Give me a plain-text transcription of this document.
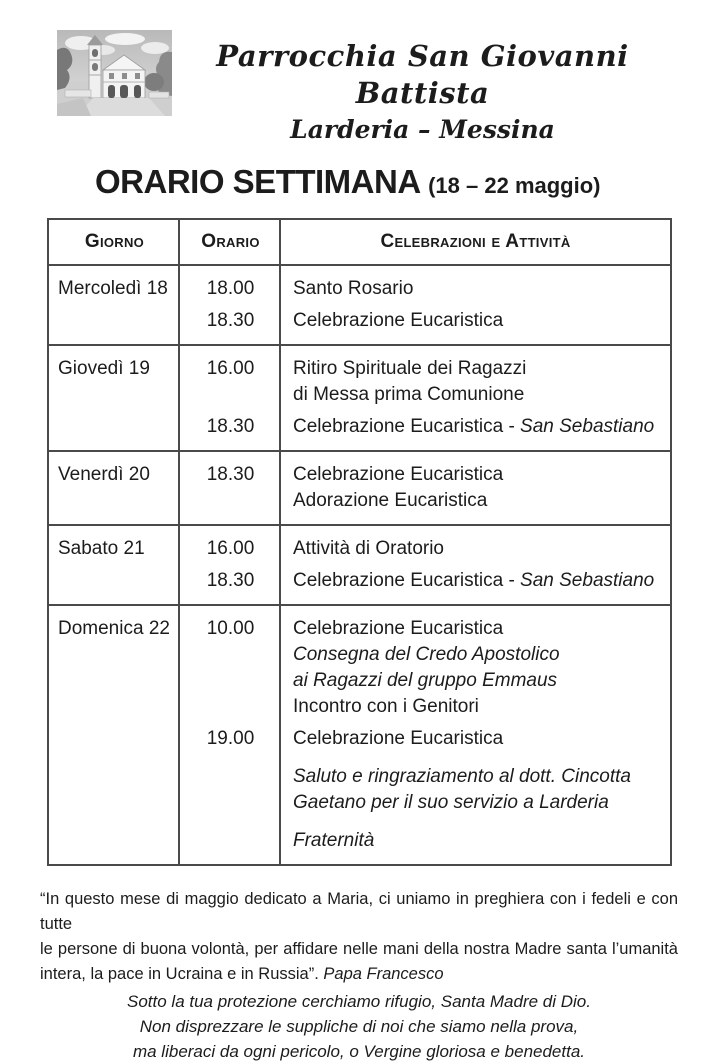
Parrocchia San Giovanni Battista
Larderia – Messina
ORARIO SETTIMANA (18 – 22 maggio)
Giorno	Orario	Celebrazioni e Attività
Mercoledì 18	18.00	Santo Rosario
18.30	Celebrazione Eucaristica
Giovedì 19	16.00	Ritiro Spirituale dei Ragazzi
di Messa prima Comunione
18.30	Celebrazione Eucaristica - San Sebastiano
Venerdì 20	18.30	Celebrazione Eucaristica
Adorazione Eucaristica
Sabato 21	16.00	Attività di Oratorio
18.30	Celebrazione Eucaristica - San Sebastiano
Domenica 22	10.00	Celebrazione Eucaristica
Consegna del Credo Apostolico
ai Ragazzi del gruppo Emmaus
Incontro con i Genitori
19.00	Celebrazione Eucaristica
Saluto e ringraziamento al dott. Cincotta
Gaetano per il suo servizio a Larderia
Fraternità
“In questo mese di maggio dedicato a Maria, ci uniamo in preghiera con i fedeli e con tutte
le persone di buona volontà, per affidare nelle mani della nostra Madre santa l’umanità
intera, la pace in Ucraina e in Russia”. Papa Francesco
Sotto la tua protezione cerchiamo rifugio, Santa Madre di Dio.
Non disprezzare le suppliche di noi che siamo nella prova,
ma liberaci da ogni pericolo, o Vergine gloriosa e benedetta.
